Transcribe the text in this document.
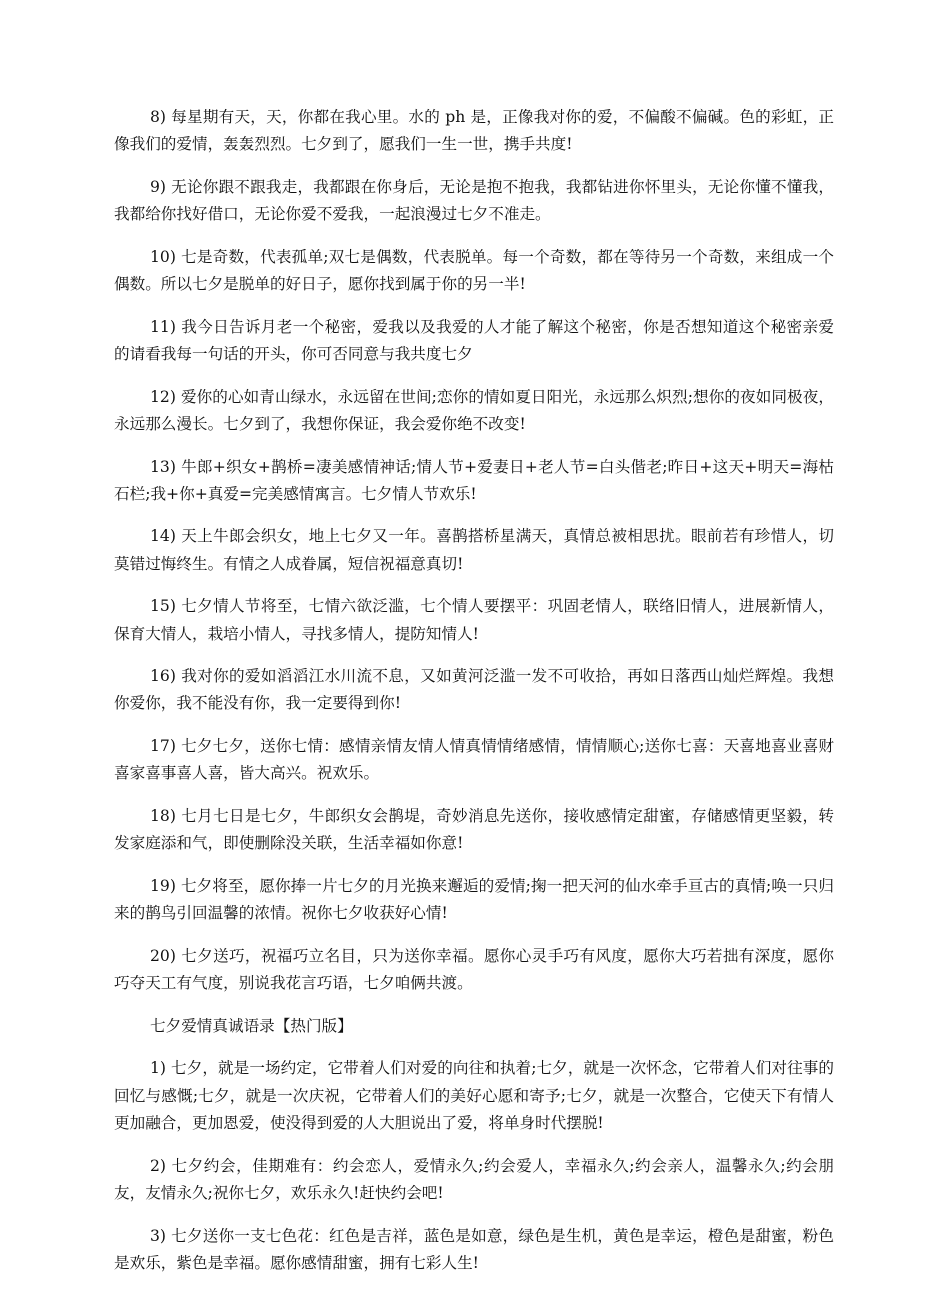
8) 每星期有天，天，你都在我心里。水的 ph 是，正像我对你的爱，不偏酸不偏碱。色的彩虹，正像我们的爱情，轰轰烈烈。七夕到了，愿我们一生一世，携手共度!

9) 无论你跟不跟我走，我都跟在你身后，无论是抱不抱我，我都钻进你怀里头，无论你懂不懂我，我都给你找好借口，无论你爱不爱我，一起浪漫过七夕不准走。

10) 七是奇数，代表孤单;双七是偶数，代表脱单。每一个奇数，都在等待另一个奇数，来组成一个偶数。所以七夕是脱单的好日子，愿你找到属于你的另一半!

11) 我今日告诉月老一个秘密，爱我以及我爱的人才能了解这个秘密，你是否想知道这个秘密亲爱的请看我每一句话的开头，你可否同意与我共度七夕

12) 爱你的心如青山绿水，永远留在世间;恋你的情如夏日阳光，永远那么炽烈;想你的夜如同极夜，永远那么漫长。七夕到了，我想你保证，我会爱你绝不改变!

13) 牛郎+织女+鹊桥=凄美感情神话;情人节+爱妻日+老人节=白头偕老;昨日+这天+明天=海枯石栏;我+你+真爱=完美感情寓言。七夕情人节欢乐!

14) 天上牛郎会织女，地上七夕又一年。喜鹊搭桥星满天，真情总被相思扰。眼前若有珍惜人，切莫错过悔终生。有情之人成眷属，短信祝福意真切!

15) 七夕情人节将至，七情六欲泛滥，七个情人要摆平：巩固老情人，联络旧情人，进展新情人，保育大情人，栽培小情人，寻找多情人，提防知情人!

16) 我对你的爱如滔滔江水川流不息，又如黄河泛滥一发不可收拾，再如日落西山灿烂辉煌。我想你爱你，我不能没有你，我一定要得到你!

17) 七夕七夕，送你七情：感情亲情友情人情真情情绪感情，情情顺心;送你七喜：天喜地喜业喜财喜家喜事喜人喜，皆大高兴。祝欢乐。

18) 七月七日是七夕，牛郎织女会鹊堤，奇妙消息先送你，接收感情定甜蜜，存储感情更坚毅，转发家庭添和气，即使删除没关联，生活幸福如你意!

19) 七夕将至，愿你捧一片七夕的月光换来邂逅的爱情;掬一把天河的仙水牵手亘古的真情;唤一只归来的鹊鸟引回温馨的浓情。祝你七夕收获好心情!

20) 七夕送巧，祝福巧立名目，只为送你幸福。愿你心灵手巧有风度，愿你大巧若拙有深度，愿你巧夺天工有气度，别说我花言巧语，七夕咱俩共渡。

七夕爱情真诚语录【热门版】

1) 七夕，就是一场约定，它带着人们对爱的向往和执着;七夕，就是一次怀念，它带着人们对往事的回忆与感慨;七夕，就是一次庆祝，它带着人们的美好心愿和寄予;七夕，就是一次整合，它使天下有情人更加融合，更加恩爱，使没得到爱的人大胆说出了爱，将单身时代摆脱!

2) 七夕约会，佳期难有：约会恋人，爱情永久;约会爱人，幸福永久;约会亲人，温馨永久;约会朋友，友情永久;祝你七夕，欢乐永久!赶快约会吧!

3) 七夕送你一支七色花：红色是吉祥，蓝色是如意，绿色是生机，黄色是幸运，橙色是甜蜜，粉色是欢乐，紫色是幸福。愿你感情甜蜜，拥有七彩人生!
